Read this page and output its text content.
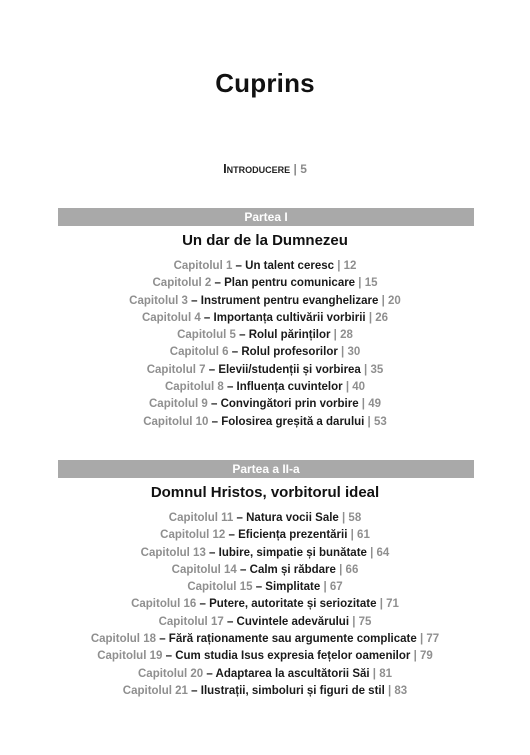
Cuprins
Introducere | 5
Partea I
Un dar de la Dumnezeu
Capitolul 1 – Un talent ceresc | 12
Capitolul 2 – Plan pentru comunicare | 15
Capitolul 3 – Instrument pentru evanghelizare | 20
Capitolul 4 – Importanța cultivării vorbirii | 26
Capitolul 5 – Rolul părinților | 28
Capitolul 6 – Rolul profesorilor | 30
Capitolul 7 – Elevii/studenții și vorbirea | 35
Capitolul 8 – Influența cuvintelor | 40
Capitolul 9 – Convingători prin vorbire | 49
Capitolul 10 – Folosirea greșită a darului | 53
Partea a II-a
Domnul Hristos, vorbitorul ideal
Capitolul 11 – Natura vocii Sale | 58
Capitolul 12 – Eficiența prezentării | 61
Capitolul 13 – Iubire, simpatie și bunătate | 64
Capitolul 14 – Calm și răbdare | 66
Capitolul 15 – Simplitate | 67
Capitolul 16 – Putere, autoritate și seriozitate | 71
Capitolul 17 – Cuvintele adevărului | 75
Capitolul 18 – Fără raționamente sau argumente complicate | 77
Capitolul 19 – Cum studia Isus expresia fețelor oamenilor | 79
Capitolul 20 – Adaptarea la ascultătorii Săi | 81
Capitolul 21 – Ilustrații, simboluri și figuri de stil | 83
